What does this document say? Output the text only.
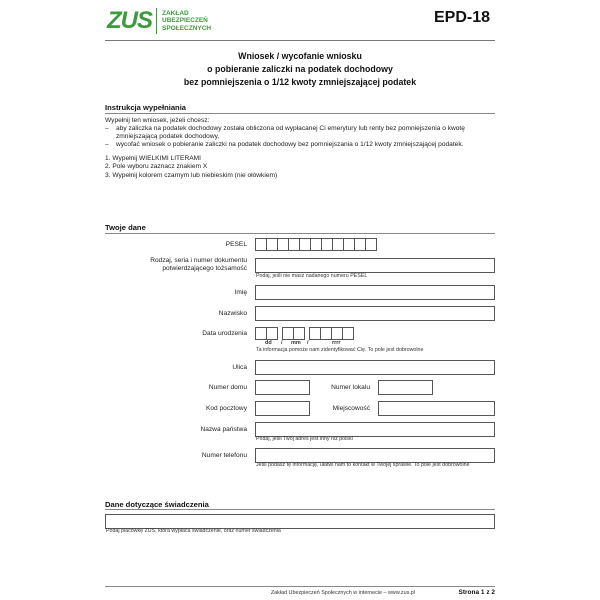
ZUS ZAKŁAD
UBEZPIECZEŃ
SPOŁECZNYCH
EPD-18
Wniosek / wycofanie wniosku
o pobieranie zaliczki na podatek dochodowy
bez pomniejszenia o 1/12 kwoty zmniejszającej podatek
Instrukcja wypełniania
Wypełnij ten wniosek, jeżeli chcesz:
–	aby zaliczka na podatek dochodowy została obliczona od wypłacanej Ci emerytury lub renty bez pomniejszenia o kwotę zmniejszającą podatek dochodowy,
–	wycofać wniosek o pobieranie zaliczki na podatek dochodowy bez pomniejszania o 1/12 kwoty zmniejszającej podatek.
1. Wypełnij WIELKIMI LITERAMI
2. Pole wyboru zaznacz znakiem X
3. Wypełnij kolorem czarnym lub niebieskim (nie ołówkiem)
Twoje dane
PESEL
Rodzaj, seria i numer dokumentu
potwierdzającego tożsamość
Podaj, jeśli nie masz nadanego numeru PESEL
Imię
Nazwisko
Data urodzenia
dd / mm /	rrrr
Ta informacja pomoże nam zidentyfikować Cię. To pole jest dobrowolne
Ulica
Numer domu	Numer lokalu
Kod pocztowy	Miejscowość
Nazwa państwa
Podaj, jeśli Twój adres jest inny niż polski
Numer telefonu
Jeśli podasz tę informację, ułatwi nam to kontakt w Twojej sprawie. To pole jest dobrowolne
Dane dotyczące świadczenia
Podaj placówkę ZUS, która wypłaca świadczenie, oraz numer świadczenia
Zakład Ubezpieczeń Społecznych w internecie – www.zus.pl	Strona 1 z 2
